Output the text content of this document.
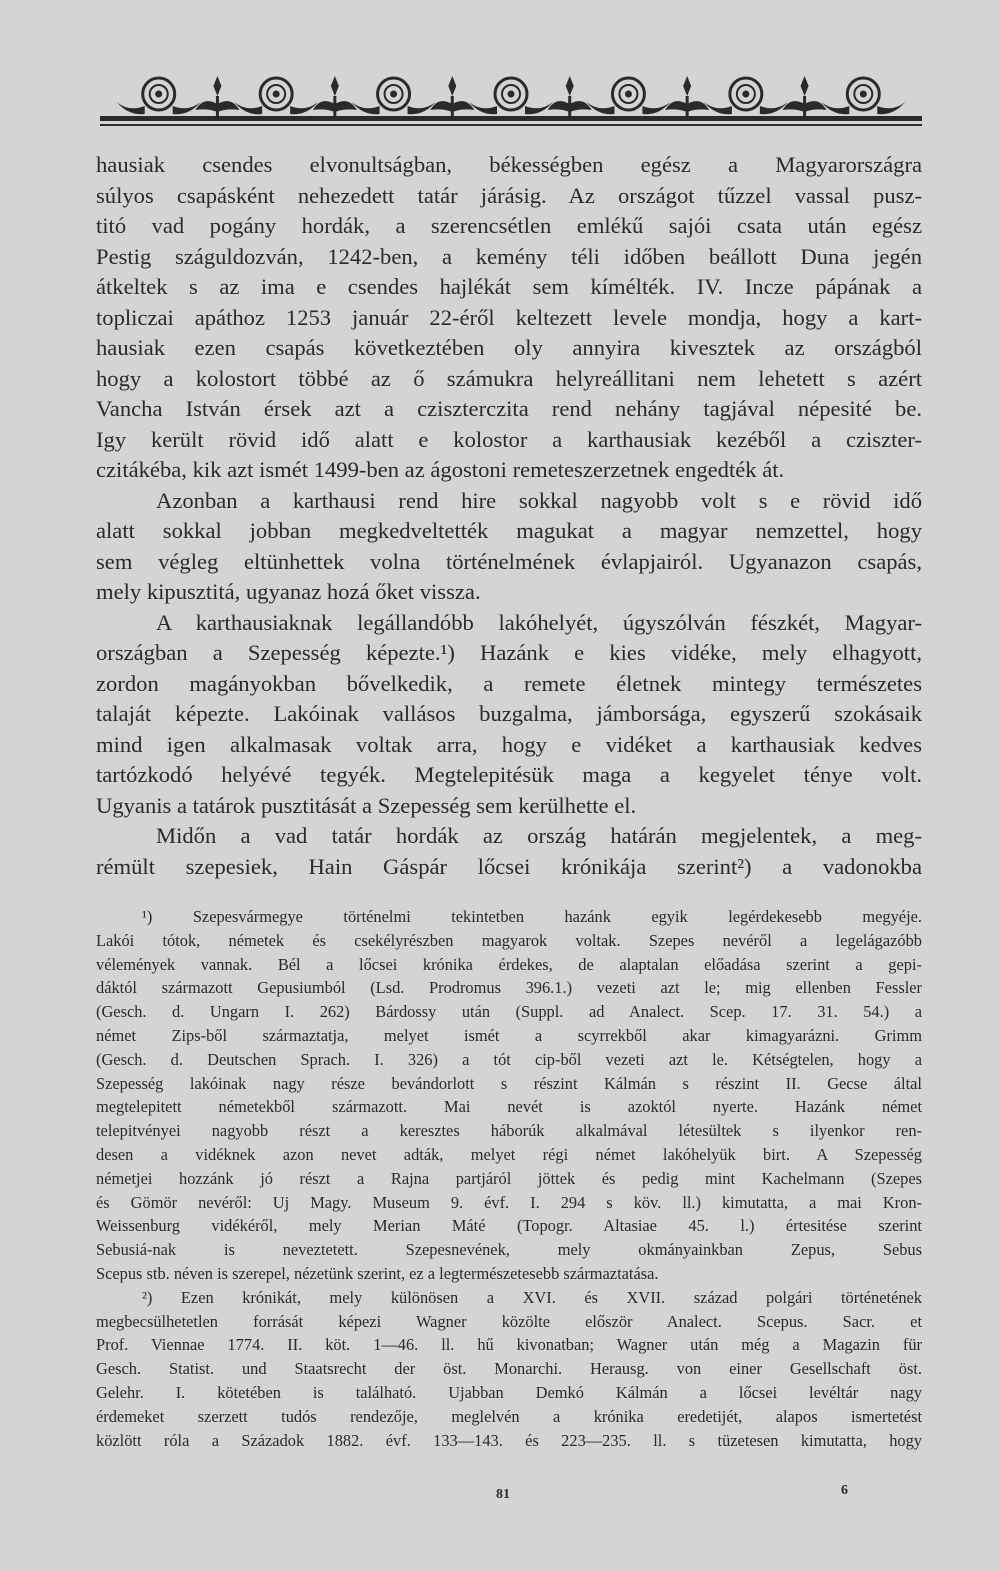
hausiak csendes elvonultságban, békességben egész a Magyarországra
súlyos csapásként nehezedett tatár járásig. Az országot tűzzel vassal pusz-
titó vad pogány hordák, a szerencsétlen emlékű sajói csata után egész
Pestig száguldozván, 1242-ben, a kemény téli időben beállott Duna jegén
átkeltek s az ima e csendes hajlékát sem kímélték. IV. Incze pápának a
topliczai apáthoz 1253 január 22-éről keltezett levele mondja, hogy a kart-
hausiak ezen csapás következtében oly annyira kivesztek az országból
hogy a kolostort többé az ő számukra helyreállitani nem lehetett s azért
Vancha István érsek azt a cziszterczita rend nehány tagjával népesité be.
Igy került rövid idő alatt e kolostor a karthausiak kezéből a cziszter-
czitákéba, kik azt ismét 1499-ben az ágostoni remeteszerzetnek engedték át.
Azonban a karthausi rend hire sokkal nagyobb volt s e rövid idő
alatt sokkal jobban megkedveltették magukat a magyar nemzettel, hogy
sem végleg eltünhettek volna történelmének évlapjairól. Ugyanazon csapás,
mely kipusztitá, ugyanaz hozá őket vissza.
A karthausiaknak legállandóbb lakóhelyét, úgyszólván fészkét, Magyar-
országban a Szepesség képezte.¹) Hazánk e kies vidéke, mely elhagyott,
zordon magányokban bővelkedik, a remete életnek mintegy természetes
talaját képezte. Lakóinak vallásos buzgalma, jámborsága, egyszerű szokásaik
mind igen alkalmasak voltak arra, hogy e vidéket a karthausiak kedves
tartózkodó helyévé tegyék. Megtelepitésük maga a kegyelet ténye volt.
Ugyanis a tatárok pusztitását a Szepesség sem kerülhette el.
Midőn a vad tatár hordák az ország határán megjelentek, a meg-
rémült szepesiek, Hain Gáspár lőcsei krónikája szerint²) a vadonokba
¹) Szepesvármegye történelmi tekintetben hazánk egyik legérdekesebb megyéje.
Lakói tótok, németek és csekélyrészben magyarok voltak. Szepes nevéről a legelágazóbb
vélemények vannak. Bél a lőcsei krónika érdekes, de alaptalan előadása szerint a gepi-
dáktól származott Gepusiumból (Lsd. Prodromus 396.1.) vezeti azt le; mig ellenben Fessler
(Gesch. d. Ungarn I. 262) Bárdossy után (Suppl. ad Analect. Scep. 17. 31. 54.) a
német Zips-ből származtatja, melyet ismét a scyrrekből akar kimagyarázni. Grimm
(Gesch. d. Deutschen Sprach. I. 326) a tót cip-ből vezeti azt le. Kétségtelen, hogy a
Szepesség lakóinak nagy része bevándorlott s részint Kálmán s részint II. Gecse által
megtelepitett németekből származott. Mai nevét is azoktól nyerte. Hazánk német
telepitvényei nagyobb részt a keresztes háborúk alkalmával létesültek s ilyenkor ren-
desen a vidéknek azon nevet adták, melyet régi német lakóhelyük birt. A Szepesség
németjei hozzánk jó részt a Rajna partjáról jöttek és pedig mint Kachelmann (Szepes
és Gömör nevéről: Uj Magy. Museum 9. évf. I. 294 s köv. ll.) kimutatta, a mai Kron-
Weissenburg vidékéről, mely Merian Máté (Topogr. Altasiae 45. l.) értesitése szerint
Sebusiá-nak is neveztetett. Szepesnevének, mely okmányainkban Zepus, Sebus
Scepus stb. néven is szerepel, nézetünk szerint, ez a legtermészetesebb származtatása.
²) Ezen krónikát, mely különösen a XVI. és XVII. század polgári történetének
megbecsülhetetlen forrását képezi Wagner közölte először Analect. Scepus. Sacr. et
Prof. Viennae 1774. II. köt. 1—46. ll. hű kivonatban; Wagner után még a Magazin für
Gesch. Statist. und Staatsrecht der öst. Monarchi. Herausg. von einer Gesellschaft öst.
Gelehr. I. kötetében is található. Ujabban Demkó Kálmán a lőcsei levéltár nagy
érdemeket szerzett tudós rendezője, meglelvén a krónika eredetijét, alapos ismertetést
közlött róla a Századok 1882. évf. 133—143. és 223—235. ll. s tüzetesen kimutatta, hogy
81	6
